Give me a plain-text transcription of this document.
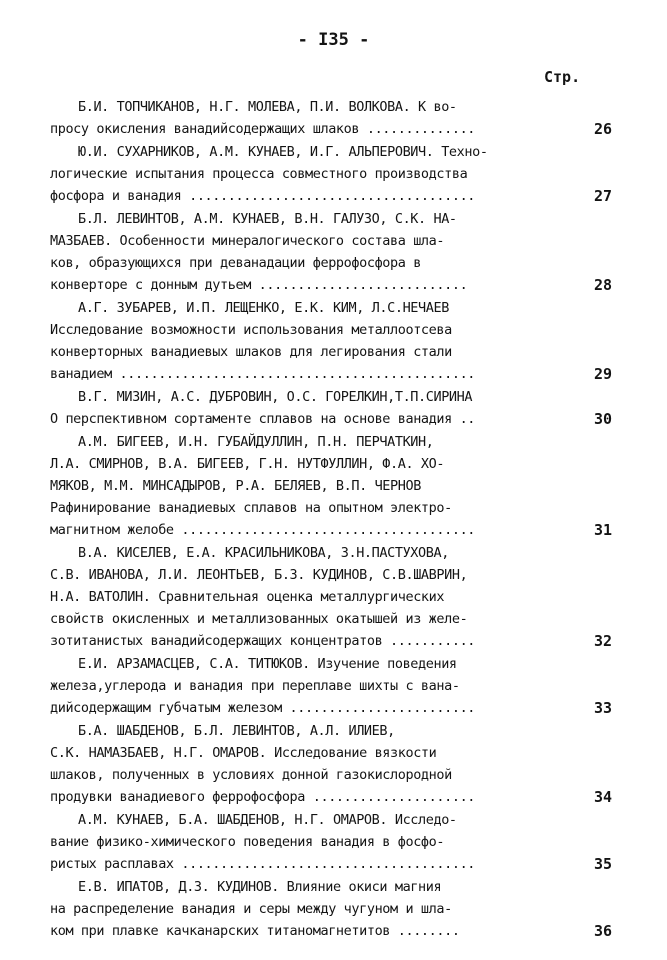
- I35 -
Стр.
Б.И. ТОПЧИКАНОВ, Н.Г. МОЛЕВА, П.И. ВОЛКОВА. К во-
просу окисления ванадийсодержащих шлаков ..............	26
Ю.И. СУХАРНИКОВ, А.М. КУНАЕВ, И.Г. АЛЬПЕРОВИЧ. Техно-
логические испытания процесса совместного производства
фосфора и ванадия .....................................	27
Б.Л. ЛЕВИНТОВ, А.М. КУНАЕВ, В.Н. ГАЛУЗО, С.К. НА-
МАЗБАЕВ. Особенности минералогического состава шла-
ков, образующихся при деванадации феррофосфора в
конверторе с донным дутьем ...........................	28
А.Г. ЗУБАРЕВ, И.П. ЛЕЩЕНКО, Е.К. КИМ, Л.С.НЕЧАЕВ
Исследование возможности использования металлоотсева
конверторных ванадиевых шлаков для легирования стали
ванадием ..............................................	29
В.Г. МИЗИН, А.С. ДУБРОВИН, О.С. ГОРЕЛКИН,Т.П.СИРИНА
О перспективном сортаменте сплавов на основе ванадия ..	30
А.М. БИГЕЕВ, И.Н. ГУБАЙДУЛЛИН, П.Н. ПЕРЧАТКИН,
Л.А. СМИРНОВ, В.А. БИГЕЕВ, Г.Н. НУТФУЛЛИН, Ф.А. ХО-
МЯКОВ, М.М. МИНСАДЫРОВ, Р.А. БЕЛЯЕВ, В.П. ЧЕРНОВ
Рафинирование ванадиевых сплавов на опытном электро-
магнитном желобе ......................................	31
В.А. КИСЕЛЕВ, Е.А. КРАСИЛЬНИКОВА, З.Н.ПАСТУХОВА,
С.В. ИВАНОВА, Л.И. ЛЕОНТЬЕВ, Б.З. КУДИНОВ, С.В.ШАВРИН,
Н.А. ВАТОЛИН. Сравнительная оценка металлургических
свойств окисленных и металлизованных окатышей из желе-
зотитанистых ванадийсодержащих концентратов ...........	32
Е.И. АРЗАМАСЦЕВ, С.А. ТИТЮКОВ. Изучение поведения
железа,углерода и ванадия при переплаве шихты с вана-
дийсодержащим губчатым железом ........................	33
Б.А. ШАБДЕНОВ, Б.Л. ЛЕВИНТОВ, А.Л. ИЛИЕВ,
С.К. НАМАЗБАЕВ, Н.Г. ОМАРОВ. Исследование вязкости
шлаков, полученных в условиях донной газокислородной
продувки ванадиевого феррофосфора .....................	34
А.М. КУНАЕВ, Б.А. ШАБДЕНОВ, Н.Г. ОМАРОВ. Исследо-
вание физико-химического поведения ванадия в фосфо-
ристых расплавах ......................................	35
Е.В. ИПАТОВ, Д.З. КУДИНОВ. Влияние окиси магния
на распределение ванадия и серы между чугуном и шла-
ком при плавке качканарских титаномагнетитов ........	36
